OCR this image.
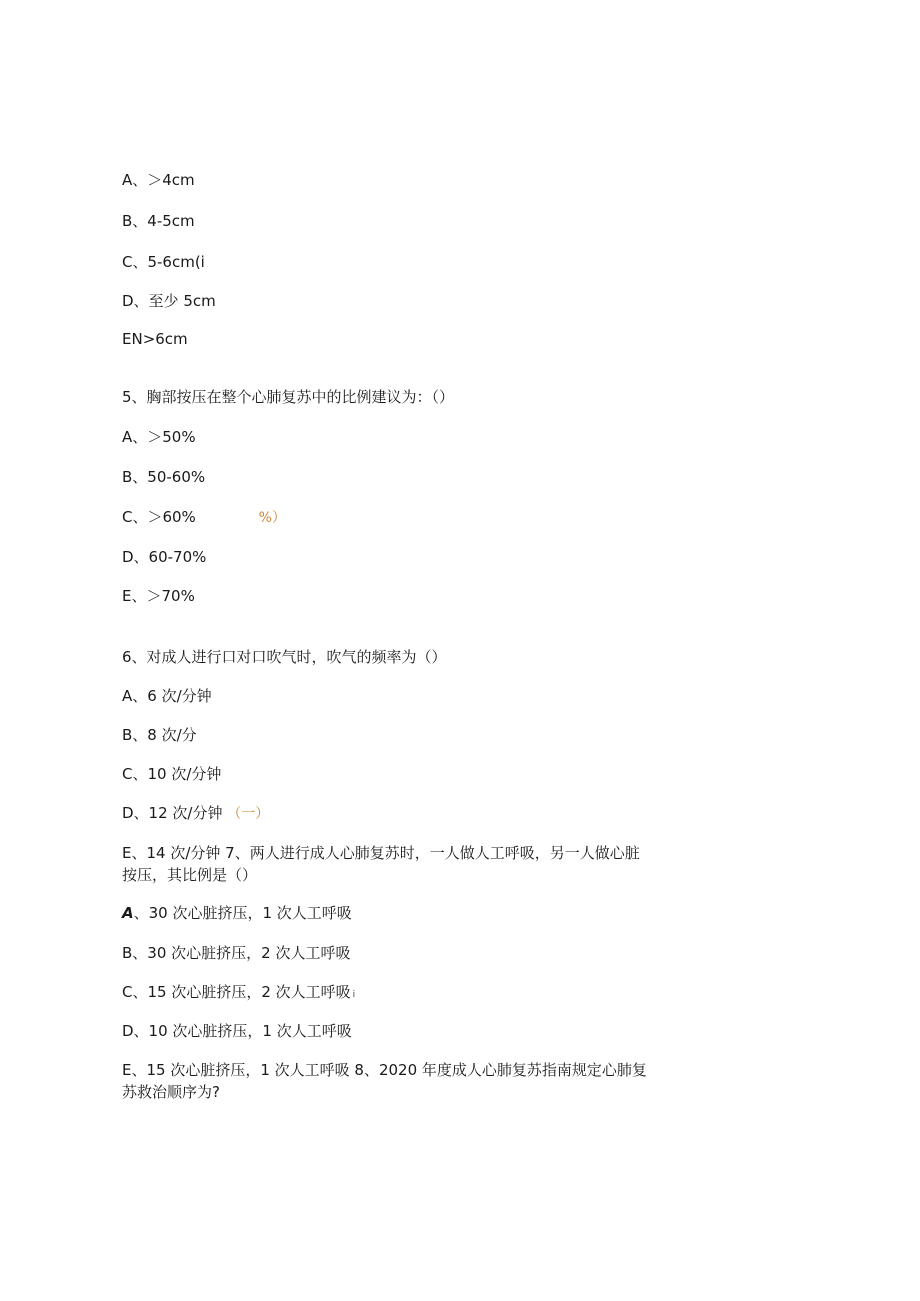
A、＞4cm
B、4-5cm
C、5-6cm(i
D、至少 5cm
EN>6cm
5、胸部按压在整个心肺复苏中的比例建议为：（）
A、＞50%
B、50-60%
C、＞60%	%）
D、60-70%
E、＞70%
6、对成人进行口对口吹气时，吹气的频率为（）
A、6 次/分钟
B、8 次/分
C、10 次/分钟
D、12 次/分钟 （一）
E、14 次/分钟 7、两人进行成人心肺复苏时，一人做人工呼吸，另一人做心脏按压，其比例是（）
A、30 次心脏挤压，1 次人工呼吸
B、30 次心脏挤压，2 次人工呼吸
C、15 次心脏挤压，2 次人工呼吸 i
D、10 次心脏挤压，1 次人工呼吸
E、15 次心脏挤压，1 次人工呼吸 8、2020 年度成人心肺复苏指南规定心肺复苏救治顺序为?
